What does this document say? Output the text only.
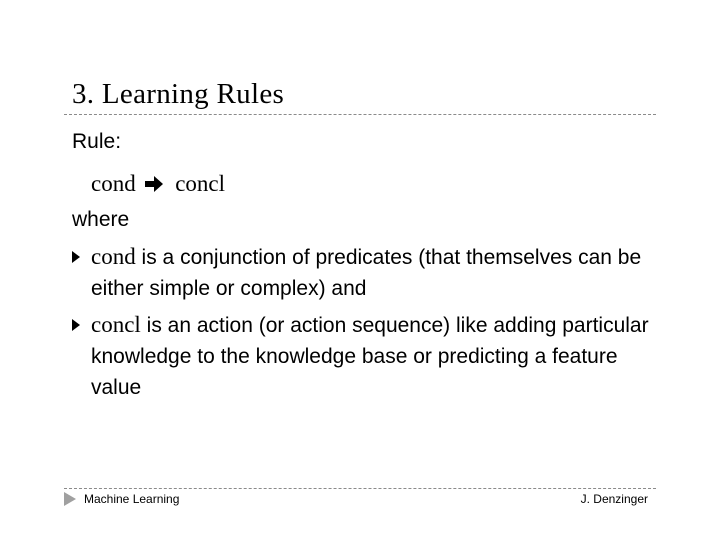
3. Learning Rules
Rule:
cond concl
where
cond is a conjunction of predicates (that themselves can be either simple or complex) and
concl is an action (or action sequence) like adding particular knowledge to the knowledge base or predicting a feature value
Machine Learning	J. Denzinger
